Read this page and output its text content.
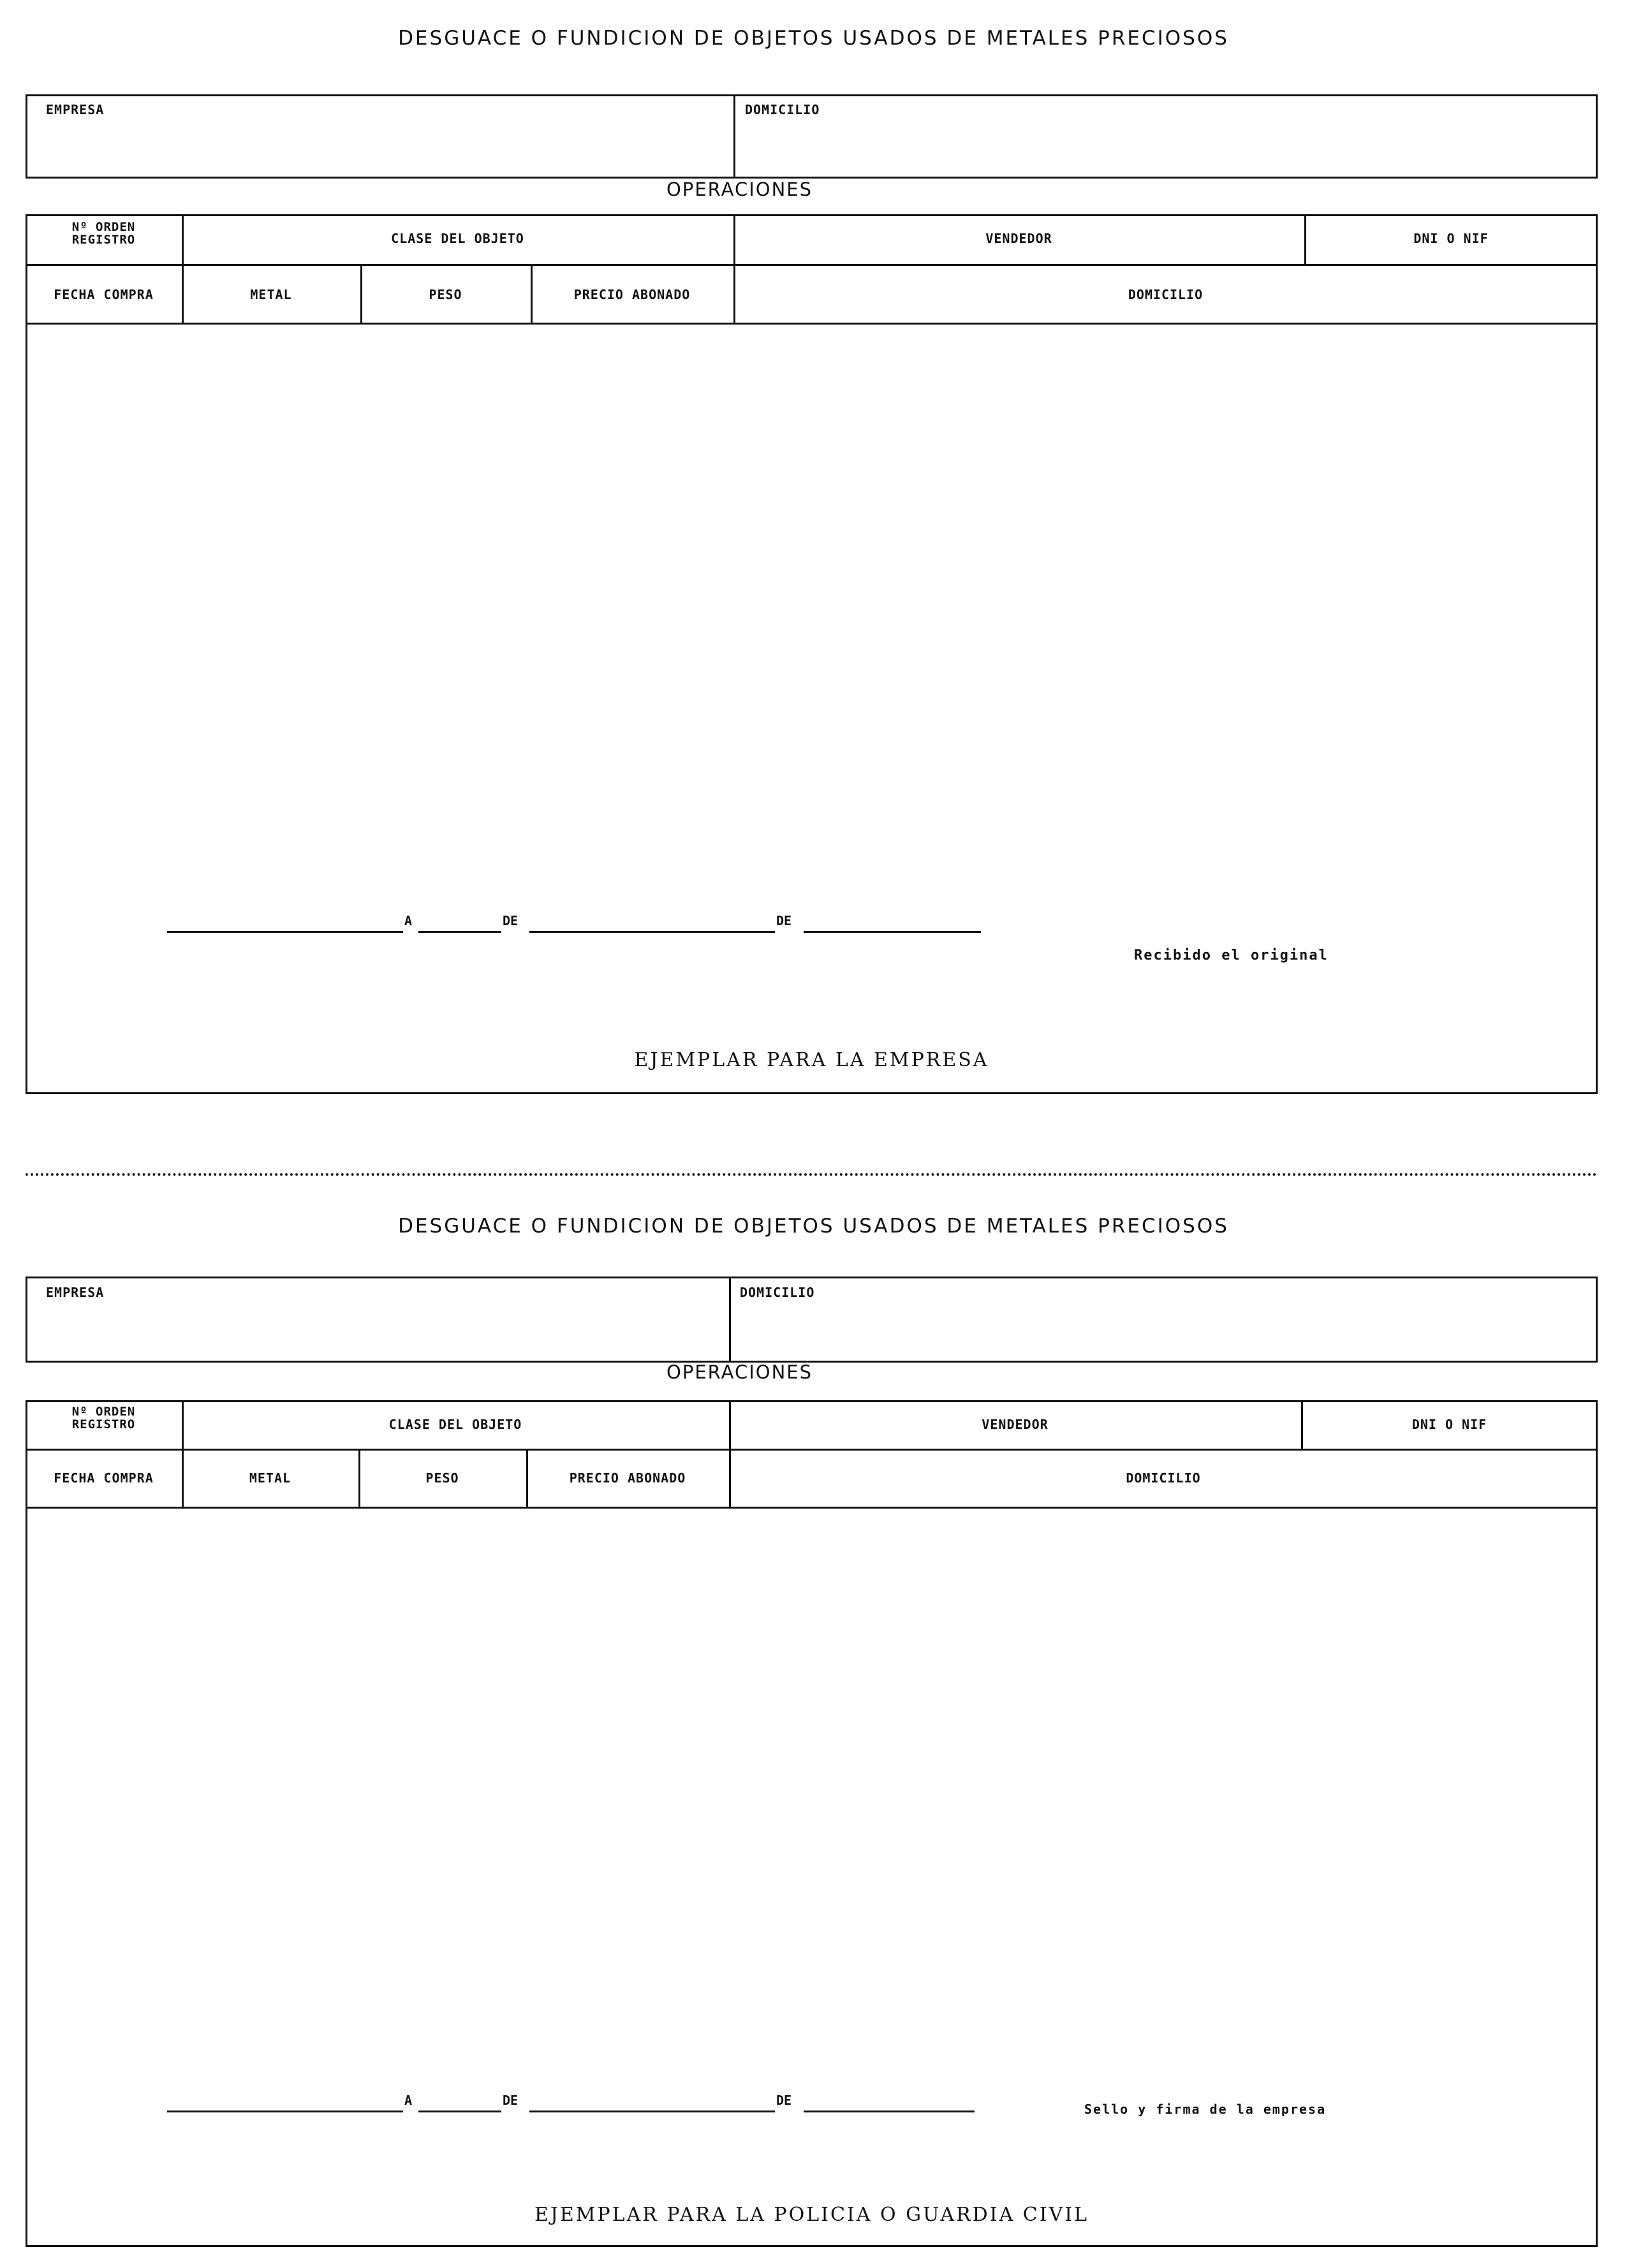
DESGUACE O FUNDICION DE OBJETOS USADOS DE METALES PRECIOSOS
EMPRESA	DOMICILIO
OPERACIONES
Nº ORDEN REGISTRO	CLASE DEL OBJETO	VENDEDOR	DNI O NIF
FECHA COMPRA	METAL	PESO	PRECIO ABONADO	DOMICILIO
A	DE	DE
Recibido el original
EJEMPLAR PARA LA EMPRESA
DESGUACE O FUNDICION DE OBJETOS USADOS DE METALES PRECIOSOS
EMPRESA	DOMICILIO
OPERACIONES
Nº ORDEN REGISTRO	CLASE DEL OBJETO	VENDEDOR	DNI O NIF
FECHA COMPRA	METAL	PESO	PRECIO ABONADO	DOMICILIO
A	DE	DE
Sello y firma de la empresa
EJEMPLAR PARA LA POLICIA O GUARDIA CIVIL
